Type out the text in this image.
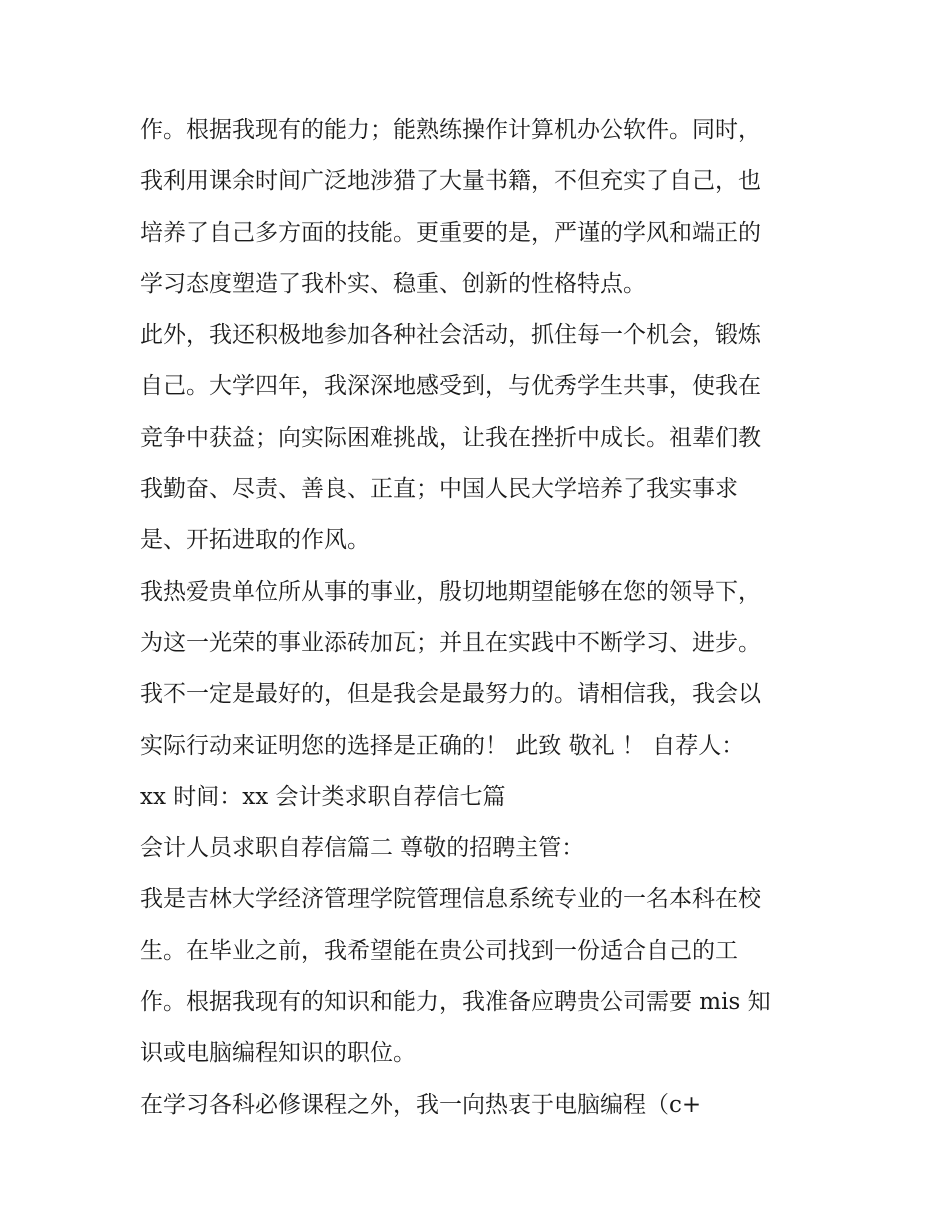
作。根据我现有的能力；能熟练操作计算机办公软件。同时，
我利用课余时间广泛地涉猎了大量书籍，不但充实了自己，也
培养了自己多方面的技能。更重要的是，严谨的学风和端正的
学习态度塑造了我朴实、稳重、创新的性格特点。
此外，我还积极地参加各种社会活动，抓住每一个机会，锻炼
自己。大学四年，我深深地感受到，与优秀学生共事，使我在
竞争中获益；向实际困难挑战，让我在挫折中成长。祖辈们教
我勤奋、尽责、善良、正直；中国人民大学培养了我实事求
是、开拓进取的作风。
我热爱贵单位所从事的事业，殷切地期望能够在您的领导下，
为这一光荣的事业添砖加瓦；并且在实践中不断学习、进步。
我不一定是最好的，但是我会是最努力的。请相信我，我会以
实际行动来证明您的选择是正确的！ 此致 敬礼 ！ 自荐人：
xx 时间：xx 会计类求职自荐信七篇
会计人员求职自荐信篇二 尊敬的招聘主管：
我是吉林大学经济管理学院管理信息系统专业的一名本科在校
生。在毕业之前，我希望能在贵公司找到一份适合自己的工
作。根据我现有的知识和能力，我准备应聘贵公司需要 mis 知
识或电脑编程知识的职位。
在学习各科必修课程之外，我一向热衷于电脑编程（c+
